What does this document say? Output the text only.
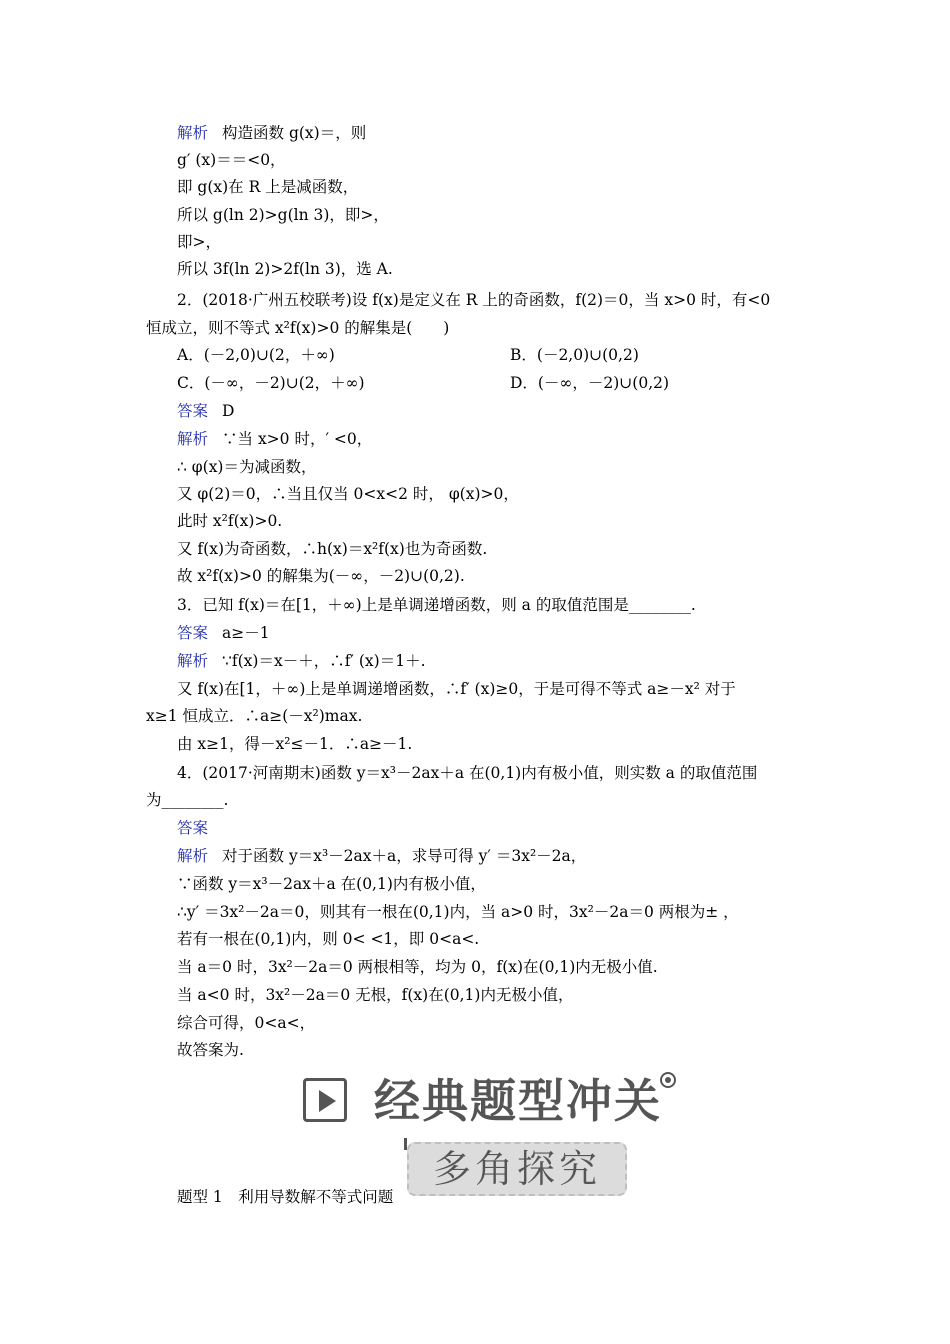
解析 构造函数 g(x)＝，则
g′ (x)＝＝<0，
即 g(x)在 R 上是减函数，
所以 g(ln 2)>g(ln 3)，即>，
即>，
所以 3f(ln 2)>2f(ln 3)，选 A.
2．(2018·广州五校联考)设 f(x)是定义在 R 上的奇函数，f(2)＝0，当 x>0 时，有<0
恒成立，则不等式 x²f(x)>0 的解集是(　　)
A．(－2,0)∪(2，＋∞)	B．(－2,0)∪(0,2)
C．(－∞，－2)∪(2，＋∞)	D．(－∞，－2)∪(0,2)
答案 D
解析 ∵当 x>0 时，′ <0，
∴ φ(x)＝为减函数，
又 φ(2)＝0，∴当且仅当 0<x<2 时， φ(x)>0，
此时 x²f(x)>0.
又 f(x)为奇函数，∴h(x)＝x²f(x)也为奇函数.
故 x²f(x)>0 的解集为(－∞，－2)∪(0,2).
3．已知 f(x)＝在[1，＋∞)上是单调递增函数，则 a 的取值范围是________.
答案 a≥－1
解析 ∵f(x)＝x－＋，∴f′ (x)＝1＋.
又 f(x)在[1，＋∞)上是单调递增函数，∴f′ (x)≥0，于是可得不等式 a≥－x² 对于
x≥1 恒成立．∴a≥(－x²)max.
由 x≥1，得－x²≤－1．∴a≥－1.
4．(2017·河南期末)函数 y＝x³－2ax＋a 在(0,1)内有极小值，则实数 a 的取值范围
为________.
答案
解析 对于函数 y＝x³－2ax＋a，求导可得 y′ ＝3x²－2a，
∵函数 y＝x³－2ax＋a 在(0,1)内有极小值，
∴y′ ＝3x²－2a＝0，则其有一根在(0,1)内，当 a>0 时，3x²－2a＝0 两根为± ，
若有一根在(0,1)内，则 0< <1，即 0<a<.
当 a＝0 时，3x²－2a＝0 两根相等，均为 0，f(x)在(0,1)内无极小值.
当 a<0 时，3x²－2a＝0 无根，f(x)在(0,1)内无极小值，
综合可得，0<a<，
故答案为.
经典题型冲关
多角探究
题型 1　利用导数解不等式问题
